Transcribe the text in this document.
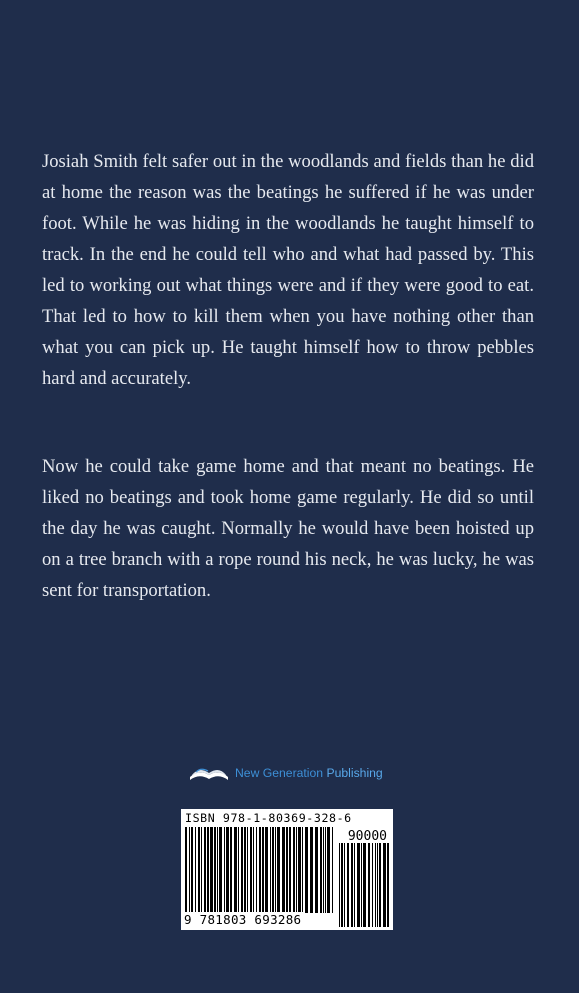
Josiah Smith felt safer out in the woodlands and fields than he did at home the reason was the beatings he suffered if he was under foot. While he was hiding in the woodlands he taught himself to track. In the end he could tell who and what had passed by. This led to working out what things were and if they were good to eat. That led to how to kill them when you have nothing other than what you can pick up. He taught himself how to throw pebbles hard and accurately.

Now he could take game home and that meant no beatings. He liked no beatings and took home game regularly. He did so until the day he was caught. Normally he would have been hoisted up on a tree branch with a rope round his neck, he was lucky, he was sent for transportation.

New Generation Publishing
ISBN 978-1-80369-328-6
90000
9 781803 693286
